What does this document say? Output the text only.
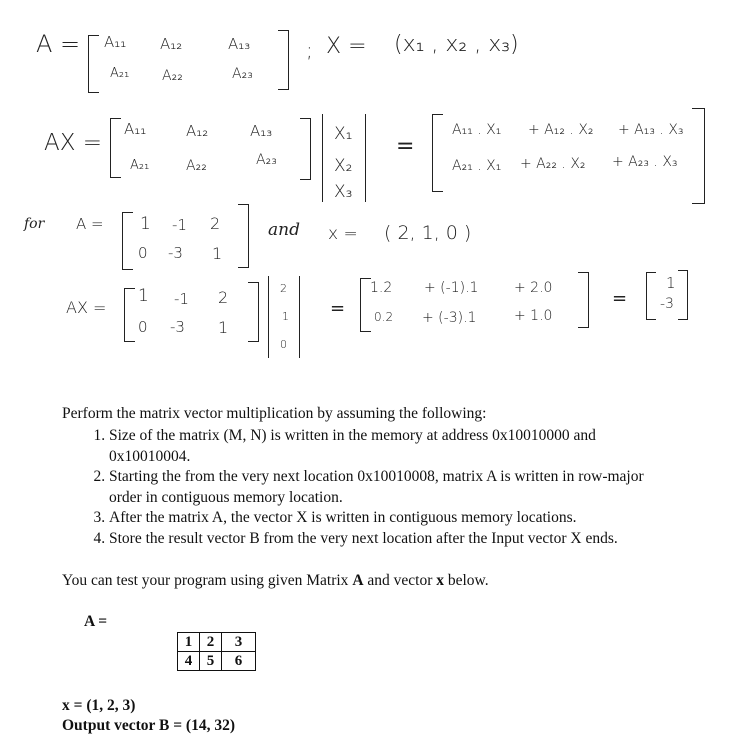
A = A₁₁ A₁₂	A₁₃
A₂₁ A₂₂	A₂₃
; X = (x₁ , x₂ , x₃)
AX =
A₁₁	A₁₂	A₁₃
A₂₁	A₂₂	A₂₃
X₁
X₂
X₃
=
A₁₁ . X₁ + A₁₂ . X₂ + A₁₃ . X₃
A₂₁ . X₁ + A₂₂ . X₂ + A₂₃ . X₃
for A = 1 -1 2
0 -3 1
and x = ( 2, 1, 0 )
AX =
1 -1 2
0 -3 1
2
1
0
=
1.2 + (-1).1	+ 2.0
0.2 + (-3).1	+ 1.0
=
1
-3

Perform the matrix vector multiplication by assuming the following:

1. Size of the matrix (M, N) is written in the memory at address 0x10010000 and 0x10010004.
2. Starting the from the very next location 0x10010008, matrix A is written in row-major order in contiguous memory location.
3. After the matrix A, the vector X is written in contiguous memory locations.
4. Store the result vector B from the very next location after the Input vector X ends.
You can test your program using given Matrix A and vector x below.
A =
1	2	3
4	5	6
x = (1, 2, 3)
Output vector B = (14, 32)
